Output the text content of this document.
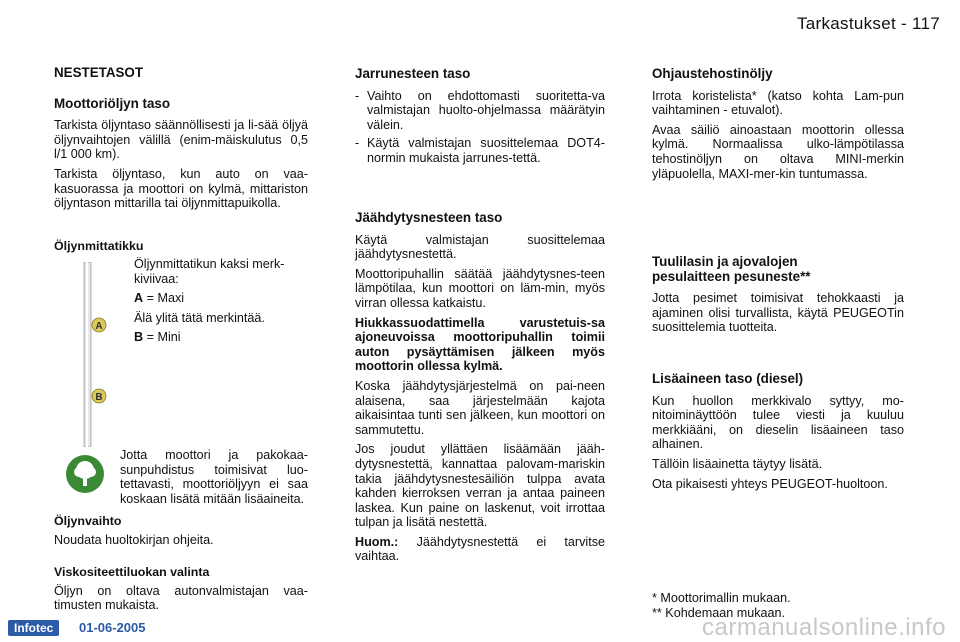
Tarkastukset - 117
NESTETASOT
Moottoriöljyn taso

Tarkista öljyntaso säännöllisesti ja li-sää öljyä öljynvaihtojen välillä (enim-mäiskulutus 0,5 l/1 000 km).

Tarkista öljyntaso, kun auto on vaa-kasuorassa ja moottori on kylmä, mittariston öljyntason mittarilla tai öljynmittapuikolla.

Öljynmittatikku

Öljynmittatikun kaksi merk-kiviivaa:

A = Maxi

Älä ylitä tätä merkintää.

B = Mini

A
B

Jotta moottori ja pakokaa-sunpuhdistus toimisivat luo-tettavasti, moottoriöljyyn ei saa koskaan lisätä mitään lisäaineita.

Öljynvaihto

Noudata huoltokirjan ohjeita.

Viskositeettiluokan valinta

Öljyn on oltava autonvalmistajan vaa-timusten mukaista.

Jarrunesteen taso
- Vaihto on ehdottomasti suoritetta-va valmistajan huolto-ohjelmassa määrätyin välein.
- Käytä valmistajan suosittelemaa DOT4-normin mukaista jarrunes-tettä.
Jäähdytysnesteen taso

Käytä valmistajan suosittelemaa jäähdytysnestettä.

Moottoripuhallin säätää jäähdytysnes-teen lämpötilaa, kun moottori on läm-min, myös virran ollessa katkaistu.

Hiukkassuodattimella varustetuis-sa ajoneuvoissa moottoripuhallin toimii auton pysäyttämisen jälkeen myös moottorin ollessa kylmä.

Koska jäähdytysjärjestelmä on pai-neen alaisena, saa järjestelmään kajota aikaisintaa tunti sen jälkeen, kun moottori on sammutettu.

Jos joudut yllättäen lisäämään jääh-dytysnestettä, kannattaa palovam-mariskin takia jäähdytysnestesäiliön tulppa avata kahden kierroksen verran ja antaa paineen laskea. Kun paine on laskenut, voit irrottaa tulpan ja lisätä nestettä.

Huom.: Jäähdytysnestettä ei tarvitse vaihtaa.

Ohjaustehostinöljy

Irrota koristelista* (katso kohta Lam-pun vaihtaminen - etuvalot).

Avaa säiliö ainoastaan moottorin ollessa kylmä. Normaalissa ulko-lämpötilassa tehostinöljyn on oltava MINI-merkin yläpuolella, MAXI-mer-kin tuntumassa.

Tuulilasin ja ajovalojen pesulaitteen pesuneste**

Jotta pesimet toimisivat tehokkaasti ja ajaminen olisi turvallista, käytä PEUGEOTin suosittelemia tuotteita.

Lisäaineen taso (diesel)

Kun huollon merkkivalo syttyy, mo-nitoiminäyttöön tulee viesti ja kuuluu merkkiääni, on dieselin lisäaineen taso alhainen.

Tällöin lisäainetta täytyy lisätä.

Ota pikaisesti yhteys PEUGEOT-huoltoon.

* Moottorimallin mukaan.
** Kohdemaan mukaan.
Infotec	01-06-2005	carmanualsonline.info
